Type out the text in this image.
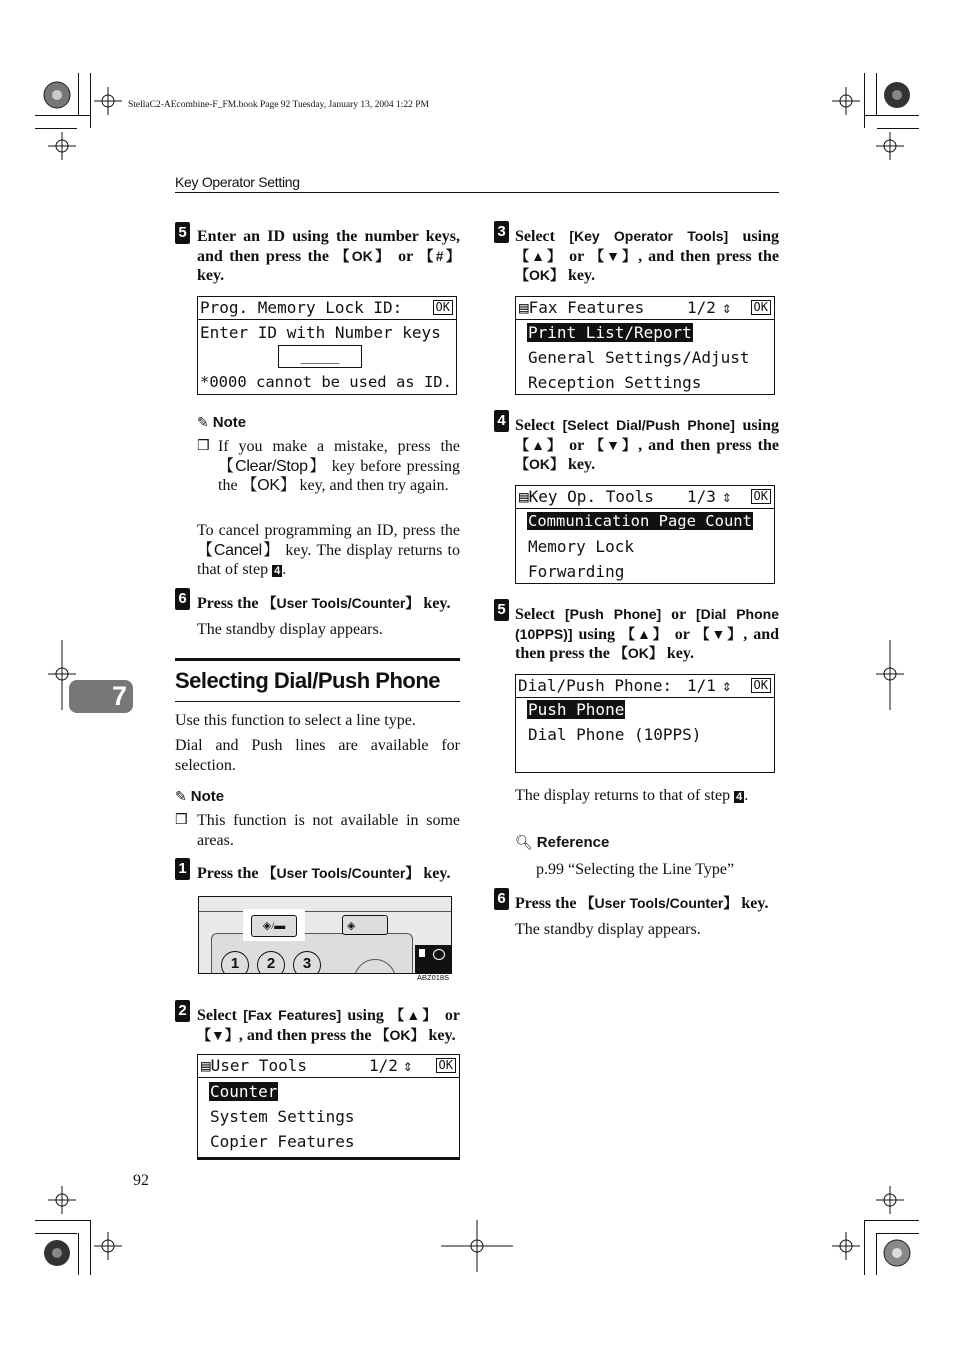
StellaC2-AEcombine-F_FM.book Page 92 Tuesday, January 13, 2004 1:22 PM
Key Operator Setting
7
5 Enter an ID using the number keys, and then press the 【OK】 or 【#】 key.
Prog. Memory Lock ID:	OK
Enter ID with Number keys
____
*0000 cannot be used as ID.
✎ Note
❒ If you make a mistake, press the 【Clear/Stop】 key before pressing the 【OK】 key, and then try again.
To cancel programming an ID, press the 【Cancel】 key. The display returns to that of step 4 .
6 Press the 【User Tools/Counter】 key.
The standby display appears.
Selecting Dial/Push Phone
Use this function to select a line type.
Dial and Push lines are available for selection.
✎ Note
❒ This function is not available in some areas.
1 Press the 【User Tools/Counter】 key.
◈/▬	◈
1	2	3
ABZ018S
2 Select [Fax Features] using 【▲】 or 【▼】, and then press the 【OK】 key.
▤User Tools	1/2 ⇕ OK
Counter
System Settings
Copier Features
92
3 Select [Key Operator Tools] using 【▲】 or 【▼】, and then press the 【OK】 key.
▤Fax Features	1/2 ⇕ OK
Print List/Report
General Settings/Adjust
Reception Settings
4 Select [Select Dial/Push Phone] using 【▲】 or 【▼】, and then press the 【OK】 key.
▤Key Op. Tools 1/3 ⇕ OK
Communication Page Count
Memory Lock
Forwarding
5 Select [Push Phone] or [Dial Phone (10PPS)] using 【▲】 or 【▼】, and then press the 【OK】 key.
Dial/Push Phone: 1/1 ⇕ OK
Push Phone
Dial Phone (10PPS)
The display returns to that of step 4 .
🔍︎ Reference
p.99 “Selecting the Line Type”
6 Press the 【User Tools/Counter】 key.
The standby display appears.
